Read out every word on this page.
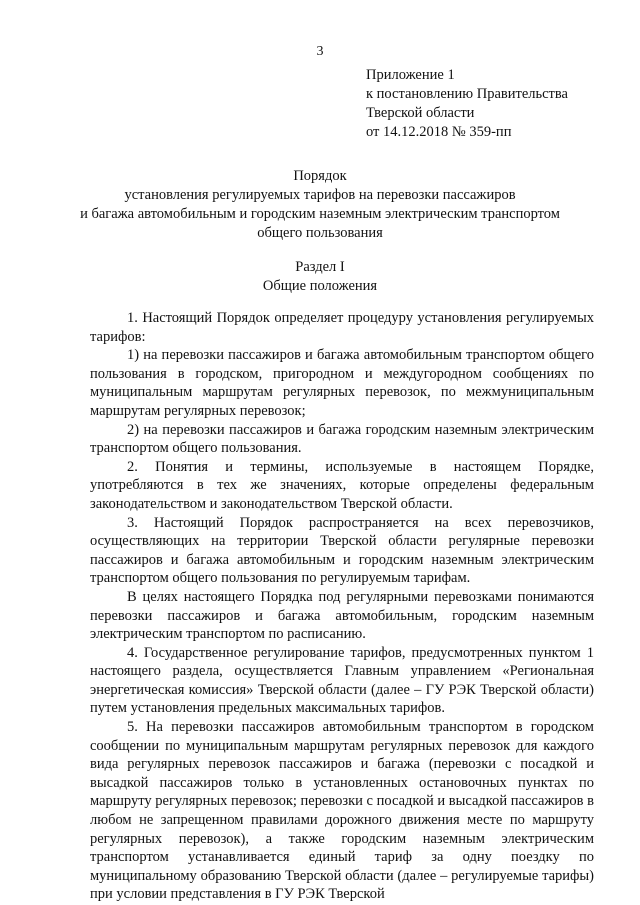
3
Приложение 1
к постановлению Правительства
Тверской области
от 14.12.2018 № 359-пп
Порядок
установления регулируемых тарифов на перевозки пассажиров
и багажа автомобильным и городским наземным электрическим транспортом
общего пользования
Раздел I
Общие положения

1. Настоящий Порядок определяет процедуру установления регулируемых тарифов:

1) на перевозки пассажиров и багажа автомобильным транспортом общего пользования в городском, пригородном и междугородном сообщениях по муниципальным маршрутам регулярных перевозок, по межмуниципальным маршрутам регулярных перевозок;

2) на перевозки пассажиров и багажа городским наземным электрическим транспортом общего пользования.

2. Понятия и термины, используемые в настоящем Порядке, употребляются в тех же значениях, которые определены федеральным законодательством и законодательством Тверской области.

3. Настоящий Порядок распространяется на всех перевозчиков, осуществляющих на территории Тверской области регулярные перевозки пассажиров и багажа автомобильным и городским наземным электрическим транспортом общего пользования по регулируемым тарифам.

В целях настоящего Порядка под регулярными перевозками понимаются перевозки пассажиров и багажа автомобильным, городским наземным электрическим транспортом по расписанию.

4. Государственное регулирование тарифов, предусмотренных пунктом 1 настоящего раздела, осуществляется Главным управлением «Региональная энергетическая комиссия» Тверской области (далее – ГУ РЭК Тверской области) путем установления предельных максимальных тарифов.

5. На перевозки пассажиров автомобильным транспортом в городском сообщении по муниципальным маршрутам регулярных перевозок для каждого вида регулярных перевозок пассажиров и багажа (перевозки с посадкой и высадкой пассажиров только в установленных остановочных пунктах по маршруту регулярных перевозок; перевозки с посадкой и высадкой пассажиров в любом не запрещенном правилами дорожного движения месте по маршруту регулярных перевозок), а также городским наземным электрическим транспортом устанавливается единый тариф за одну поездку по муниципальному образованию Тверской области (далее – регулируемые тарифы) при условии представления в ГУ РЭК Тверской
